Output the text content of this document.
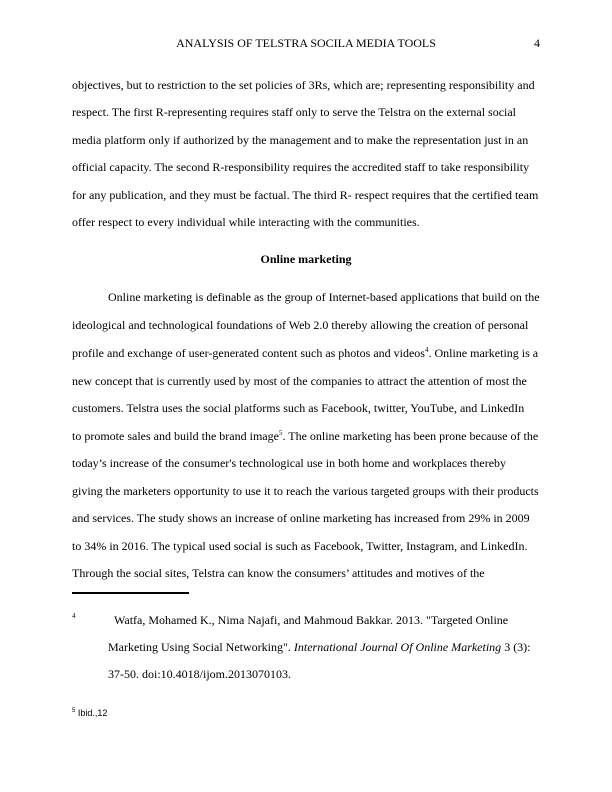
ANALYSIS OF TELSTRA SOCILA MEDIA TOOLS	4
objectives, but to restriction to the set policies of 3Rs, which are; representing responsibility and
respect. The first R-representing requires staff only to serve the Telstra on the external social
media platform only if authorized by the management and to make the representation just in an
official capacity. The second R-responsibility requires the accredited staff to take responsibility
for any publication, and they must be factual. The third R- respect requires that the certified team
offer respect to every individual while interacting with the communities.
Online marketing
Online marketing is definable as the group of Internet-based applications that build on the
ideological and technological foundations of Web 2.0 thereby allowing the creation of personal
profile and exchange of user-generated content such as photos and videos$^4$. Online marketing is a
new concept that is currently used by most of the companies to attract the attention of most the
customers. Telstra uses the social platforms such as Facebook, twitter, YouTube, and LinkedIn
to promote sales and build the brand image$^5$. The online marketing has been prone because of the
today’s increase of the consumer's technological use in both home and workplaces thereby
giving the marketers opportunity to use it to reach the various targeted groups with their products
and services. The study shows an increase of online marketing has increased from 29% in 2009
to 34% in 2016. The typical used social is such as Facebook, Twitter, Instagram, and LinkedIn.
Through the social sites, Telstra can know the consumers’ attitudes and motives of the
4	Watfa, Mohamed K., Nima Najafi, and Mahmoud Bakkar. 2013. "Targeted Online
Marketing Using Social Networking". International Journal Of Online Marketing 3 (3):
37-50. doi:10.4018/ijom.2013070103.
$^5$ Ibid.,12
